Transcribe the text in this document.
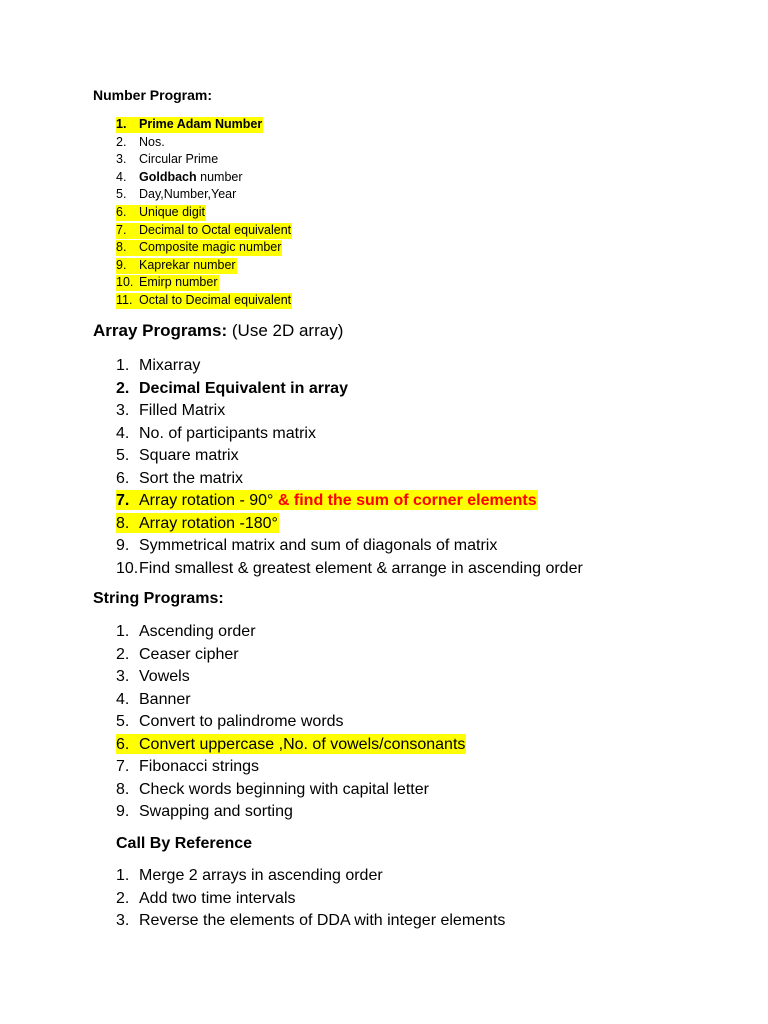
Number Program:
1.	Prime Adam Number
2.	Nos.
3.	Circular Prime
4.	Goldbach number
5.	Day,Number,Year
6.	Unique digit
7.	Decimal to Octal equivalent
8.	Composite magic number
9.	Kaprekar number
10. Emirp number
11. Octal to Decimal equivalent
Array Programs: (Use 2D array)
1. Mixarray
2. Decimal Equivalent in array
3. Filled Matrix
4. No. of participants matrix
5. Square matrix
6. Sort the matrix
7. Array rotation - 90° & find the sum of corner elements
8. Array rotation -180°
9. Symmetrical matrix and sum of diagonals of matrix
10. Find smallest & greatest element & arrange in ascending order
String Programs:
1. Ascending order
2. Ceaser cipher
3. Vowels
4. Banner
5. Convert to palindrome words
6. Convert uppercase ,No. of vowels/consonants
7. Fibonacci strings
8. Check words beginning with capital letter
9. Swapping and sorting
Call By Reference
1. Merge 2 arrays in ascending order
2. Add two time intervals
3. Reverse the elements of DDA with integer elements
